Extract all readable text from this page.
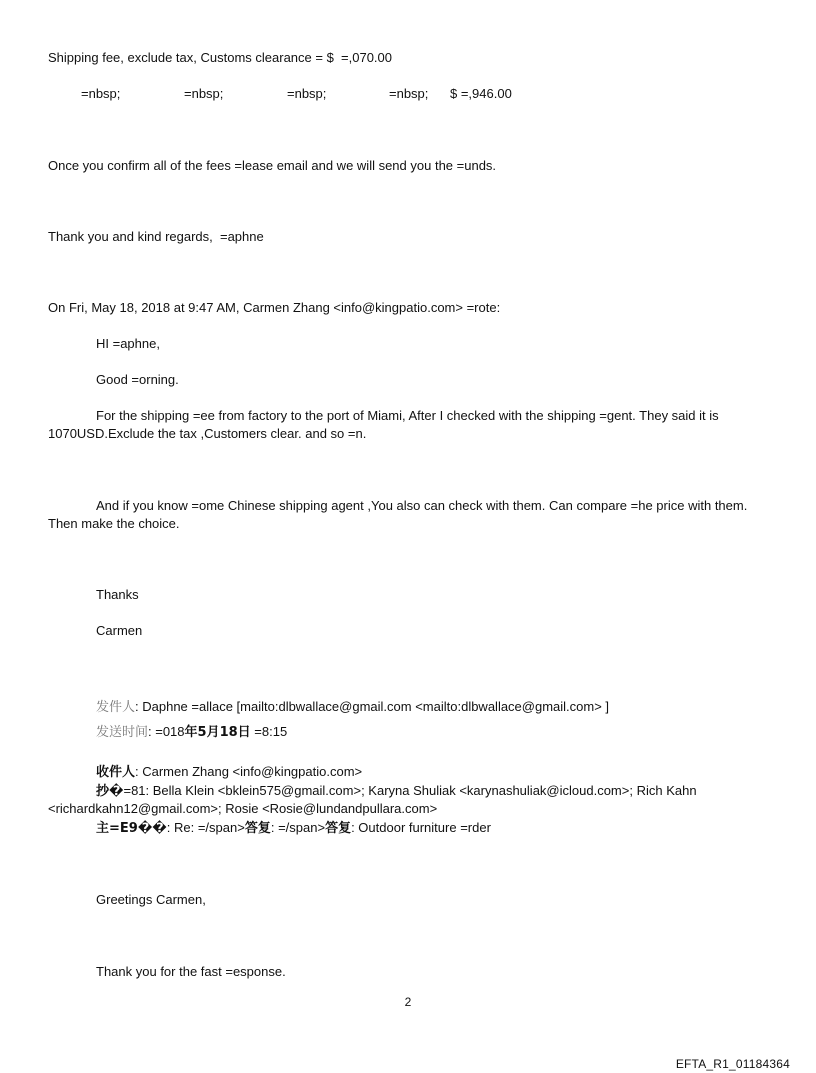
Shipping fee, exclude tax, Customs clearance = $  =,070.00

=nbsp;

	=nbsp;

	=nbsp;

	=nbsp;

$ =,946.00

Once you confirm all of the fees =lease email and we will send you the =unds.

Thank you and kind regards,  =aphne

On Fri, May 18, 2018 at 9:47 AM, Carmen Zhang <info@kingpatio.com> =rote:

HI =aphne,

Good =orning.

For the shipping =ee from factory to the port of Miami, After I checked with the shipping =gent. They said it is

1070USD.Exclude the tax ,Customers clear. and so =n.

And if you know =ome Chinese shipping agent ,You also can check with them. Can compare =he price with them.

Then make the choice.

Thanks

Carmen

发件人: Daphne =allace [mailto:dlbwallace@gmail.com <mailto:dlbwallace@gmail.com> ]

发送时间: =018年5月18日 =8:15

收件人: Carmen Zhang <info@kingpatio.com>

抄�=81: Bella Klein <bklein575@gmail.com>; Karyna Shuliak <karynashuliak@icloud.com>; Rich Kahn

<richardkahn12@gmail.com>; Rosie <Rosie@lundandpullara.com>

主=E9��: Re: =/span>答复: =/span>答复: Outdoor furniture =rder

Greetings Carmen,

Thank you for the fast =esponse.

2
EFTA_R1_01184364
